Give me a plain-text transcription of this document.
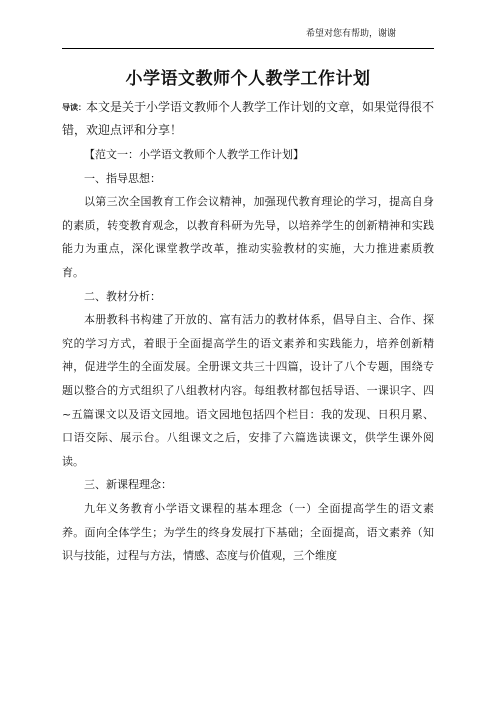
希望对您有帮助，谢谢
小学语文教师个人教学工作计划

导读：本文是关于小学语文教师个人教学工作计划的文章，如果觉得很不错，欢迎点评和分享！

【范文一：小学语文教师个人教学工作计划】

一、指导思想：

以第三次全国教育工作会议精神，加强现代教育理论的学习，提高自身的素质，转变教育观念，以教育科研为先导，以培养学生的创新精神和实践能力为重点，深化课堂教学改革，推动实验教材的实施，大力推进素质教育。

二、教材分析：

本册教科书构建了开放的、富有活力的教材体系，倡导自主、合作、探究的学习方式，着眼于全面提高学生的语文素养和实践能力，培养创新精神，促进学生的全面发展。全册课文共三十四篇，设计了八个专题，围绕专题以整合的方式组织了八组教材内容。每组教材都包括导语、一课识字、四~五篇课文以及语文园地。语文园地包括四个栏目：我的发现、日积月累、口语交际、展示台。八组课文之后，安排了六篇选读课文，供学生课外阅读。

三、新课程理念：

九年义务教育小学语文课程的基本理念（一）全面提高学生的语文素养。面向全体学生；为学生的终身发展打下基础；全面提高，语文素养（知识与技能，过程与方法，情感、态度与价值观，三个维度
